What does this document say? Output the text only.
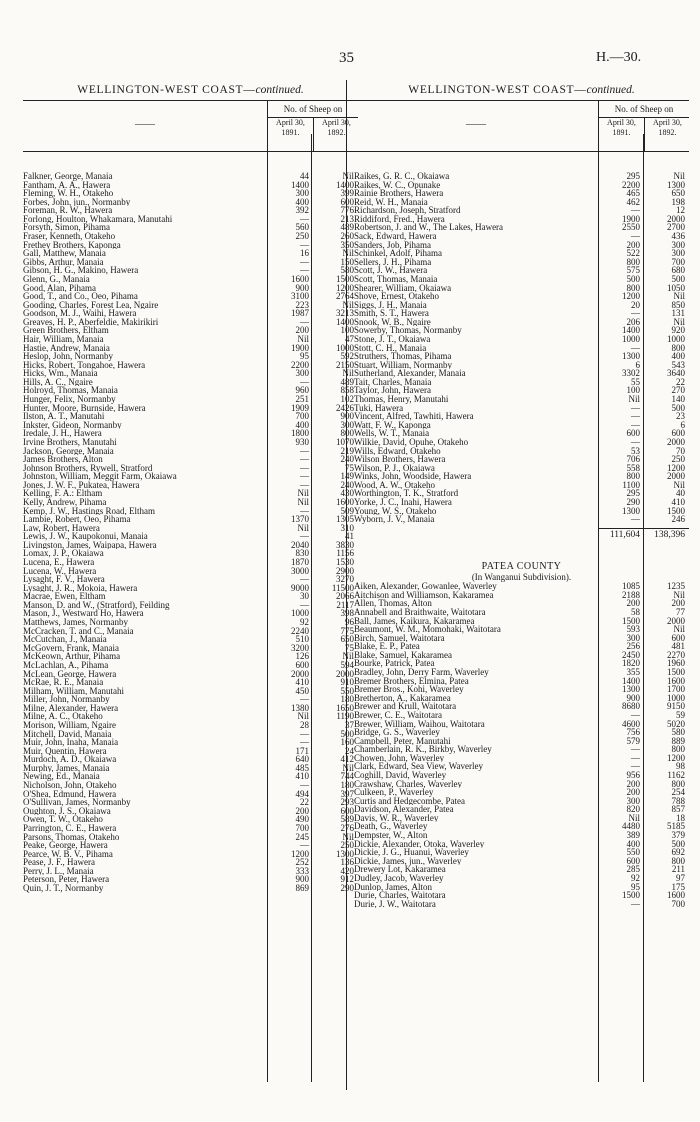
35	H.—30.
WELLINGTON-WEST COAST—continued.
——
No. of Sheep on
April 30,
1891.
April 30,
1892.
Falkner, George, Manaia	44	Nil
Fantham, A. A., Hawera	1400	1400
Fleming, W. H., Otakeho	300	399
Forbes, John, jun., Normanby	400	600
Foreman, R. W., Hawera	392	776
Forlong, Houlton, Whakamara, Manutahi	—	213
Forsyth, Simon, Pihama	560	489
Fraser, Kenneth, Otakeho	250	260
Frethey Brothers, Kaponga	—	350
Gall, Matthew, Manaia	16	Nil
Gibbs, Arthur, Manaia	—	150
Gibson, H. G., Makino, Hawera	—	580
Glenn, G., Manaia	1600	1500
Good, Alan, Pihama	900	1200
Good, T., and Co., Oeo, Pihama	3100	2764
Gooding, Charles, Forest Lea, Ngaire	223	Nil
Goodson, M. J., Waihi, Hawera	1987	3213
Greaves, H. P., Aberfeldie, Makirikiri	—	1400
Green Brothers, Eltham	200	100
Hair, William, Manaia	Nil	47
Hastie, Andrew, Manaia	1900	1000
Heslop, John, Normanby	95	592
Hicks, Robert, Tongahoe, Hawera	2200	2150
Hicks, Wm., Manaia	300	Nil
Hills, A. C., Ngaire	—	489
Holroyd, Thomas, Manaia	960	858
Hunger, Felix, Normanby	251	102
Hunter, Moore, Burnside, Hawera	1909	2426
Ilston, A. T., Manutahi	700	900
Inkster, Gideon, Normanby	400	300
Iredale, J. H., Hawera	1800	800
Irvine Brothers, Manutahi	930	1070
Jackson, George, Manaia	—	219
James Brothers, Alton	—	240
Johnson Brothers, Rywell, Stratford	—	75
Johnston, William, Meggit Farm, Okaiawa	—	149
Jones, J. W. F., Pukatea, Hawera	—	240
Kelling, F. A.: Eltham	Nil	430
Kelly, Andrew, Pihama	Nil	1600
Kemp, J. W., Hastings Road, Eltham	—	509
Lambie, Robert, Oeo, Pihama	1370	1305
Law, Robert, Hawera	Nil	310
Lewis, J. W., Kaupokonui, Manaia	—	41
Livingston, James, Waipapa, Hawera	2040	3830
Lomax, J. P., Okaiawa	830	1156
Lucena, E., Hawera	1870	1530
Lucena, W., Hawera	3000	2900
Lysaght, F. V., Hawera	—	3270
Lysaght, J. R., Mokoia, Hawera	9000	11500
Macrae, Ewen, Eltham	30	2066
Manson, D. and W., (Stratford), Feilding	—	2117
Mason, J., Westward Ho, Hawera	1000	398
Matthews, James, Normanby	92	96
McCracken, T. and C., Manaia	2240	775
McCutchan, J., Manaia	510	650
McGovern, Frank, Manaia	3200	75
McKeown, Arthur, Pihama	126	Nil
McLachlan, A., Pihama	600	594
McLean, George, Hawera	2000	2000
McRae, R. E., Manaia	410	910
Milham, William, Manutahi	450	550
Miller, John, Normanby	—	180
Milne, Alexander, Hawera	1380	1650
Milne, A. C., Otakeho	Nil	1190
Morison, William, Ngaire	28	37
Mitchell, David, Manaia	—	500
Muir, John, Inaha, Manaia	—	160
Muir, Quentin, Hawera	171	24
Murdoch, A. D., Okaiawa	640	412
Murphy, James, Manaia	485	Nil
Newing, Ed., Manaia	410	744
Nicholson, John, Otakeho	—	180
O'Shea, Edmund, Hawera	494	397
O'Sullivan, James, Normanby	22	293
Oughton, J. S., Okaiawa	200	600
Owen, T. W., Otakeho	490	589
Parrington, C. E., Hawera	700	276
Parsons, Thomas, Otakeho	245	Nil
Peake, George, Hawera	—	250
Pearce, W. B. V., Pihama	1200	1300
Pease, J. F., Hawera	252	136
Perry, J. L., Manaia	333	420
Peterson, Peter, Hawera	900	912
Quin, J. T., Normanby	869	290
WELLINGTON-WEST COAST—continued.
——
No. of Sheep on
April 30,
1891.
April 30,
1892.
Raikes, G. R. C., Okaiawa	295	Nil
Raikes, W. C., Opunake	2200	1300
Rainie Brothers, Hawera	465	650
Reid, W. H., Manaia	462	198
Richardson, Joseph, Stratford	—	12
Riddiford, Fred., Hawera	1900	2000
Robertson, J. and W., The Lakes, Hawera	2550	2700
Sack, Edward, Hawera	—	436
Sanders, Job, Pihama	200	300
Schinkel, Adolf, Pihama	522	300
Sellers, J. H., Pihama	800	700
Scott, J. W., Hawera	575	680
Scott, Thomas, Manaia	500	500
Shearer, William, Okaiawa	800	1050
Shove, Ernest, Otakeho	1200	Nil
Siggs, J. H., Manaia	20	850
Smith, S. T., Hawera	—	131
Snook, W. B., Ngaire	206	Nil
Sowerby, Thomas, Normanby	1400	920
Stone, J. T., Okaiawa	1000	1000
Stott, C. H., Manaia	—	800
Struthers, Thomas, Pihama	1300	400
Stuart, William, Normanby	6	543
Sutherland, Alexander, Manaia	3302	3640
Tait, Charles, Manaia	55	22
Taylor, John, Hawera	100	270
Thomas, Henry, Manutahi	Nil	140
Tuki, Hawera	—	500
Vincent, Alfred, Tawhiti, Hawera	—	23
Watt, F. W., Kaponga	—	6
Wells, W. T., Manaia	600	600
Wilkie, David, Opuhe, Otakeho	—	2000
Wills, Edward, Otakeho	53	70
Wilson Brothers, Hawera	706	250
Wilson, P. J., Okaiawa	558	1200
Winks, John, Woodside, Hawera	800	2000
Wood, A. W., Otakeho	1100	Nil
Worthington, T. K., Stratford	295	40
Yorke, J. C., Inahi, Hawera	290	410
Young, W. S., Otakeho	1300	1500
Wyborn, J. V., Manaia	—	246
111,604	138,396
PATEA COUNTY
(In Wanganui Subdivision).
Aiken, Alexander, Gowanlee, Waverley	1085	1235
Aitchison and Williamson, Kakaramea	2188	Nil
Allen, Thomas, Alton	200	200
Annabell and Braithwaite, Waitotara	58	77
Ball, James, Kaikura, Kakaramea	1500	2000
Beaumont, W. M., Momohaki, Waitotara	593	Nil
Birch, Samuel, Waitotara	300	600
Blake, E. P., Patea	256	481
Blake, Samuel, Kakaramea	2450	2270
Bourke, Patrick, Patea	1820	1960
Bradley, John, Derry Farm, Waverley	355	1500
Bremer Brothers, Elmina, Patea	1400	1600
Bremer Bros., Kohi, Waverley	1300	1700
Bretherton, A., Kakaramea	900	1000
Brewer and Krull, Waitotara	8680	9150
Brewer, C. E., Waitotara	—	59
Brewer, William, Waihou, Waitotara	4600	5020
Bridge, G. S., Waverley	756	580
Campbell, Peter, Manutahi	579	889
Chamberlain, R. K., Birkby, Waverley	—	800
Chowen, John, Waverley	—	1200
Clark, Edward, Sea View, Waverley	—	98
Coghill, David, Waverley	956	1162
Crawshaw, Charles, Waverley	200	800
Culkeen, P., Waverley	200	254
Curtis and Hedgecombe, Patea	300	788
Davidson, Alexander, Patea	820	857
Davis, W. R., Waverley	Nil	18
Death, G., Waverley	4480	5185
Dempster, W., Alton	389	379
Dickie, Alexander, Otoka, Waverley	400	500
Dickie, J. G., Huanui, Waverley	550	692
Dickie, James, jun., Waverley	600	800
Drewery Lot, Kakaramea	285	211
Dudley, Jacob, Waverley	92	97
Dunlop, James, Alton	95	175
Durie, Charles, Waitotara	1500	1600
Durie, J. W., Waitotara	—	700
